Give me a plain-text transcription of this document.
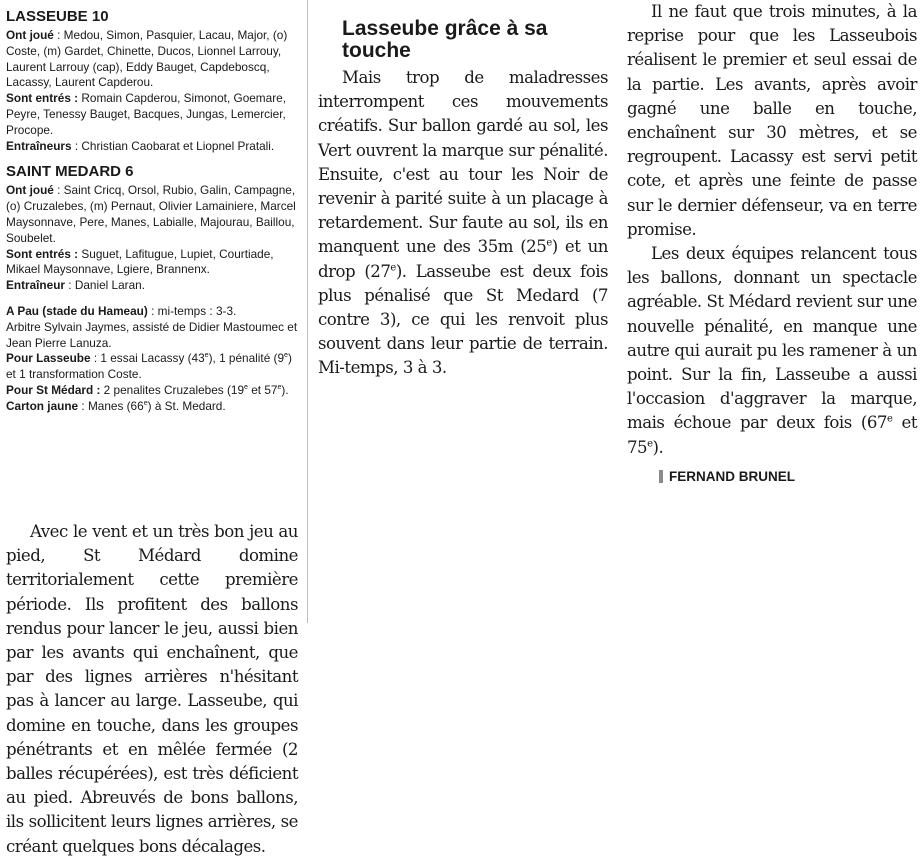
LASSEUBE 10

Ont joué : Medou, Simon, Pasquier, Lacau, Major, (o) Coste, (m) Gardet, Chinette, Ducos, Lionnel Larrouy, Laurent Larrouy (cap), Eddy Bauget, Capdeboscq, Lacassy, Laurent Capderou.

Sont entrés : Romain Capderou, Simonot, Goemare, Peyre, Tenessy Bauget, Bacques, Jungas, Lemercier, Procope.

Entraîneurs : Christian Caobarat et Liopnel Pratali.

SAINT MEDARD 6

Ont joué : Saint Cricq, Orsol, Rubio, Galin, Campagne, (o) Cruzalebes, (m) Pernaut, Olivier Lamainiere, Marcel Maysonnave, Pere, Manes, Labialle, Majourau, Baillou, Soubelet.

Sont entrés : Suguet, Lafitugue, Lupiet, Courtiade, Mikael Maysonnave, Lgiere, Brannenx.

Entraîneur : Daniel Laran.

A Pau (stade du Hameau) : mi-temps : 3-3.

Arbitre Sylvain Jaymes, assisté de Didier Mastoumec et Jean Pierre Lanuza.

Pour Lasseube : 1 essai Lacassy (43e), 1 pénalité (9e) et 1 transformation Coste.

Pour St Médard : 2 penalites Cruzalebes (19e et 57e).

Carton jaune : Manes (66e) à St. Medard.

Avec le vent et un très bon jeu au pied, St Médard domine territorialement cette première période. Ils profitent des ballons rendus pour lancer le jeu, aussi bien par les avants qui enchaînent, que par des lignes arrières n'hésitant pas à lancer au large. Lasseube, qui domine en touche, dans les groupes pénétrants et en mêlée fermée (2 balles récupérées), est très déficient au pied. Abreuvés de bons ballons, ils sollicitent leurs lignes arrières, se créant quelques bons décalages.

Lasseube grâce à sa touche

Mais trop de maladresses interrompent ces mouvements créatifs. Sur ballon gardé au sol, les Vert ouvrent la marque sur pénalité. Ensuite, c'est au tour les Noir de revenir à parité suite à un placage à retardement. Sur faute au sol, ils en manquent une des 35m (25e) et un drop (27e). Lasseube est deux fois plus pénalisé que St Medard (7 contre 3), ce qui les renvoit plus souvent dans leur partie de terrain. Mi-temps, 3 à 3.

Il ne faut que trois minutes, à la reprise pour que les Lasseubois réalisent le premier et seul essai de la partie. Les avants, après avoir gagné une balle en touche, enchaînent sur 30 mètres, et se regroupent. Lacassy est servi petit cote, et après une feinte de passe sur le dernier défenseur, va en terre promise.

Les deux équipes relancent tous les ballons, donnant un spectacle agréable. St Médard revient sur une nouvelle pénalité, en manque une autre qui aurait pu les ramener à un point. Sur la fin, Lasseube a aussi l'occasion d'aggraver la marque, mais échoue par deux fois (67e et 75e).

FERNAND BRUNEL
